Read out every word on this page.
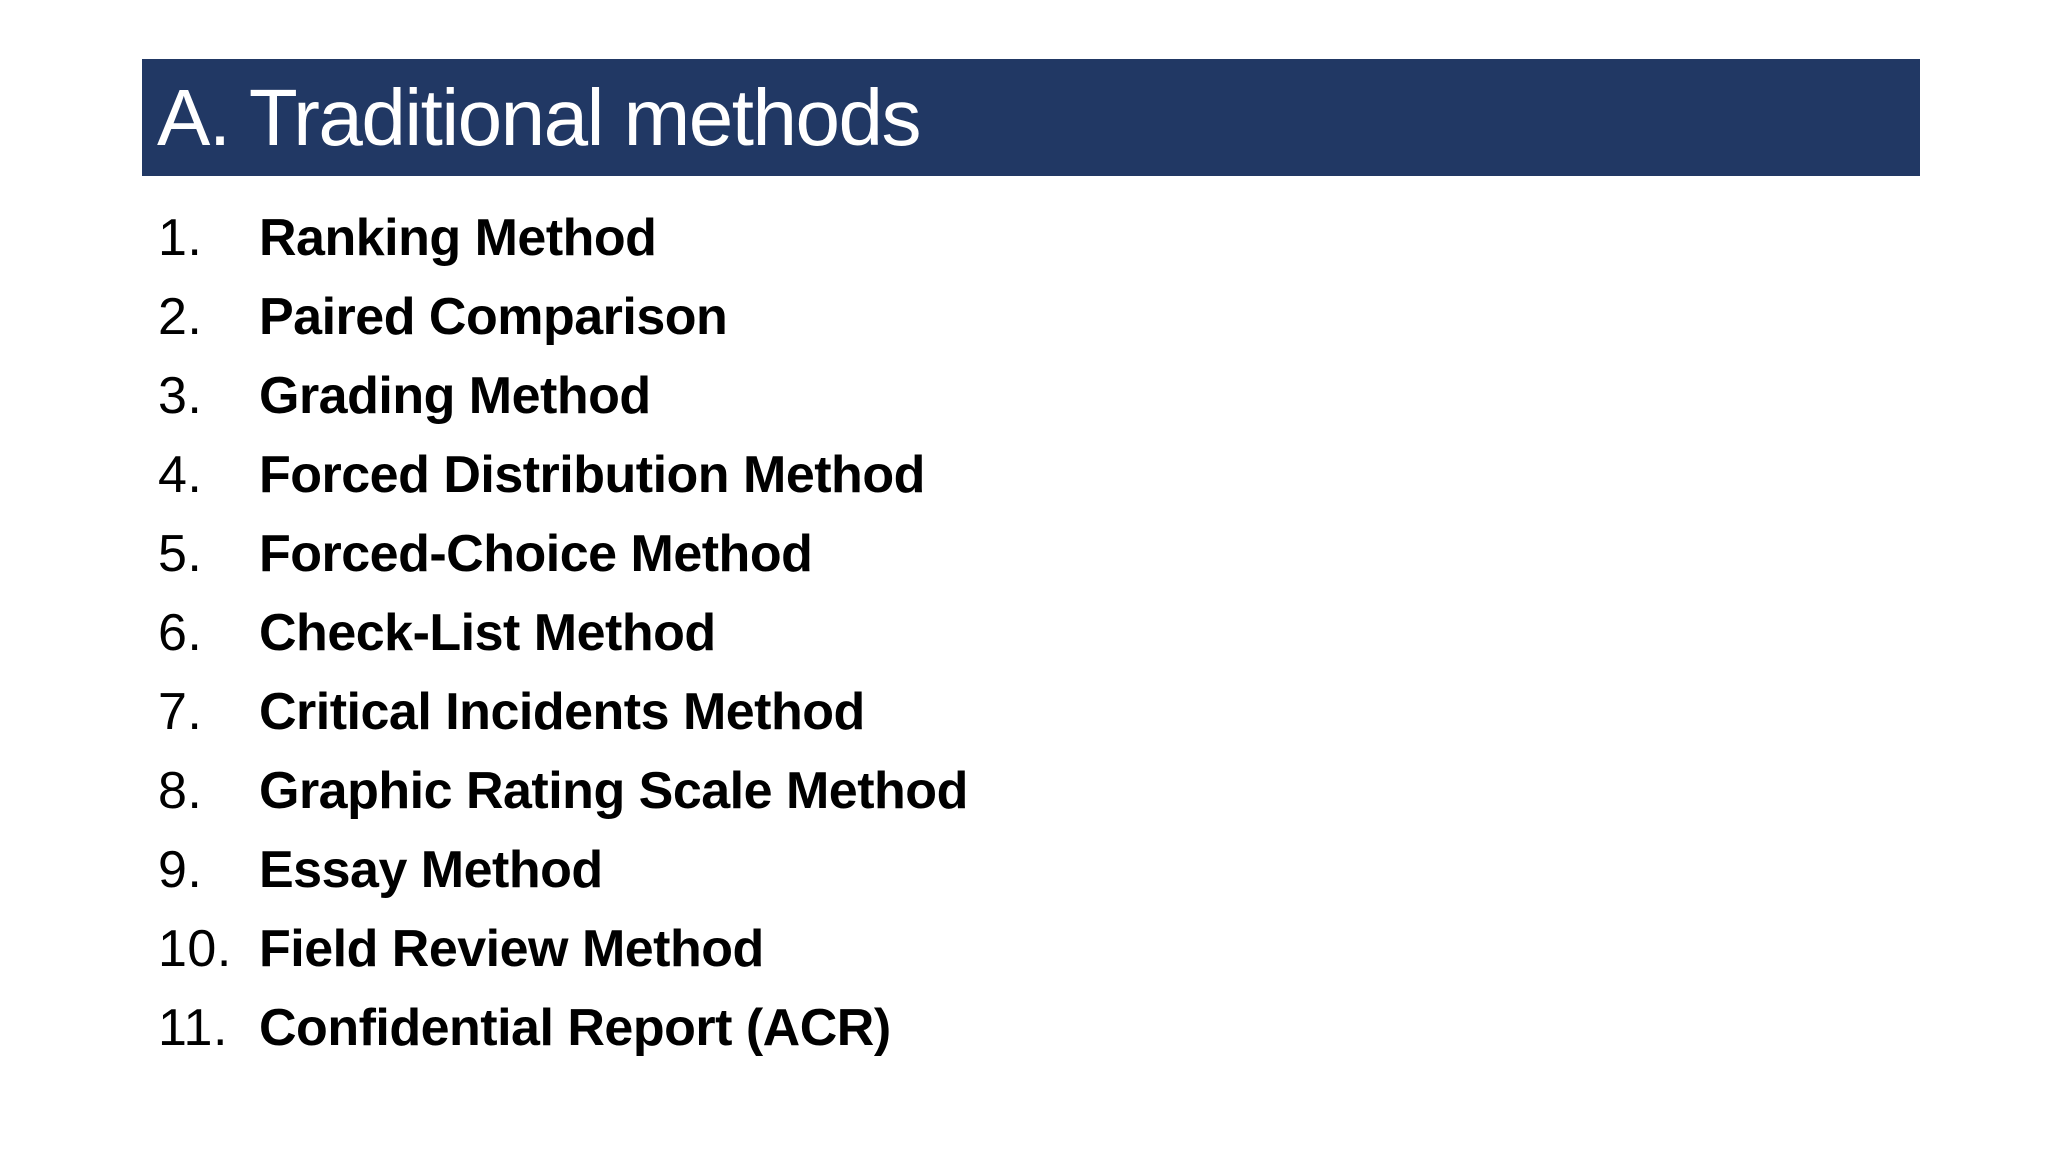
A. Traditional methods
1.	Ranking Method
2.	Paired Comparison
3.	Grading Method
4.	Forced Distribution Method
5.	Forced-Choice Method
6.	Check-List Method
7.	Critical Incidents Method
8.	Graphic Rating Scale Method
9.	Essay Method
10. Field Review Method
11. Confidential Report (ACR)
